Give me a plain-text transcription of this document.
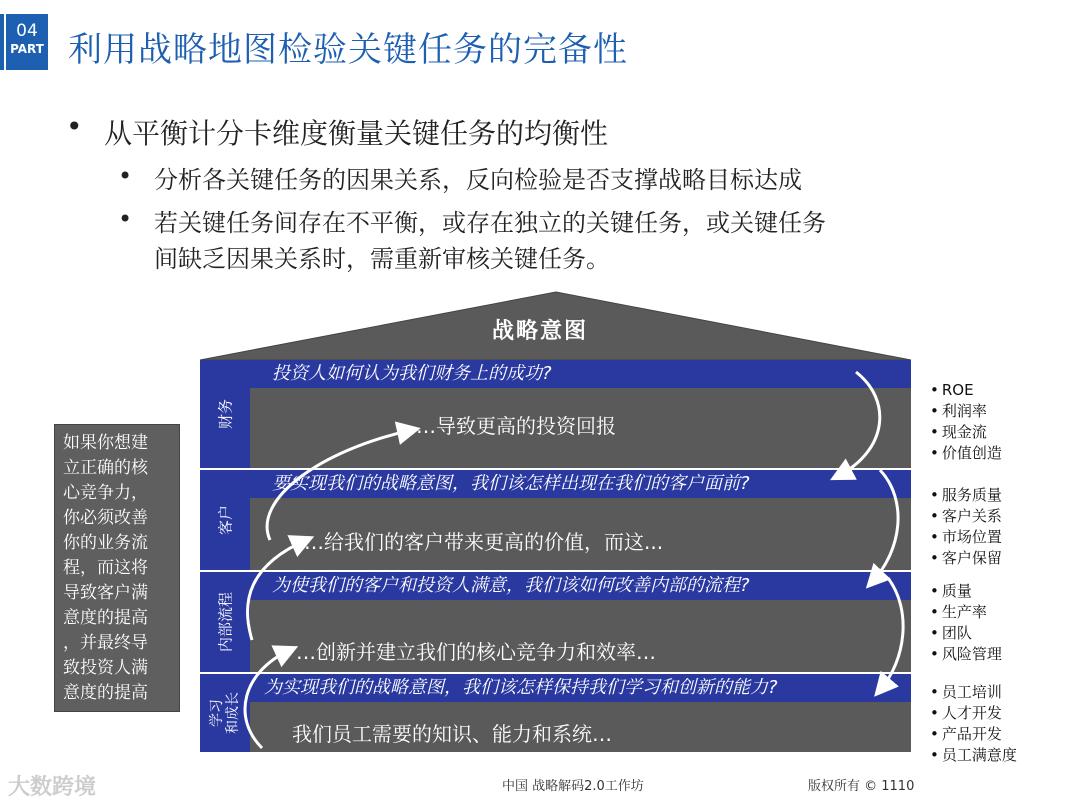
04
PART 利用战略地图检验关键任务的完备性
• 从平衡计分卡维度衡量关键任务的均衡性
• 分析各关键任务的因果关系，反向检验是否支撑战略目标达成
• 若关键任务间存在不平衡，或存在独立的关键任务，或关键任务
间缺乏因果关系时，需重新审核关键任务。
战略意图
财务
投资人如何认为我们财务上的成功?
…导致更高的投资回报
客户
要实现我们的战略意图，我们该怎样出现在我们的客户面前?
…给我们的客户带来更高的价值，而这...
内部流程
为使我们的客户和投资人满意，我们该如何改善内部的流程?
…创新并建立我们的核心竞争力和效率…
学习
和成长
为实现我们的战略意图，我们该怎样保持我们学习和创新的能力?
我们员工需要的知识、能力和系统…
如果你想建
立正确的核
心竞争力，
你必须改善
你的业务流
程，而这将
导致客户满
意度的提高
，并最终导
致投资人满
意度的提高
• ROE
• 利润率
• 现金流
• 价值创造
• 服务质量
• 客户关系
• 市场位置
• 客户保留
• 质量
• 生产率
• 团队
• 风险管理
• 员工培训
• 人才开发
• 产品开发
• 员工满意度
大数跨境	中国 战略解码2.0工作坊	版权所有 © 1110
